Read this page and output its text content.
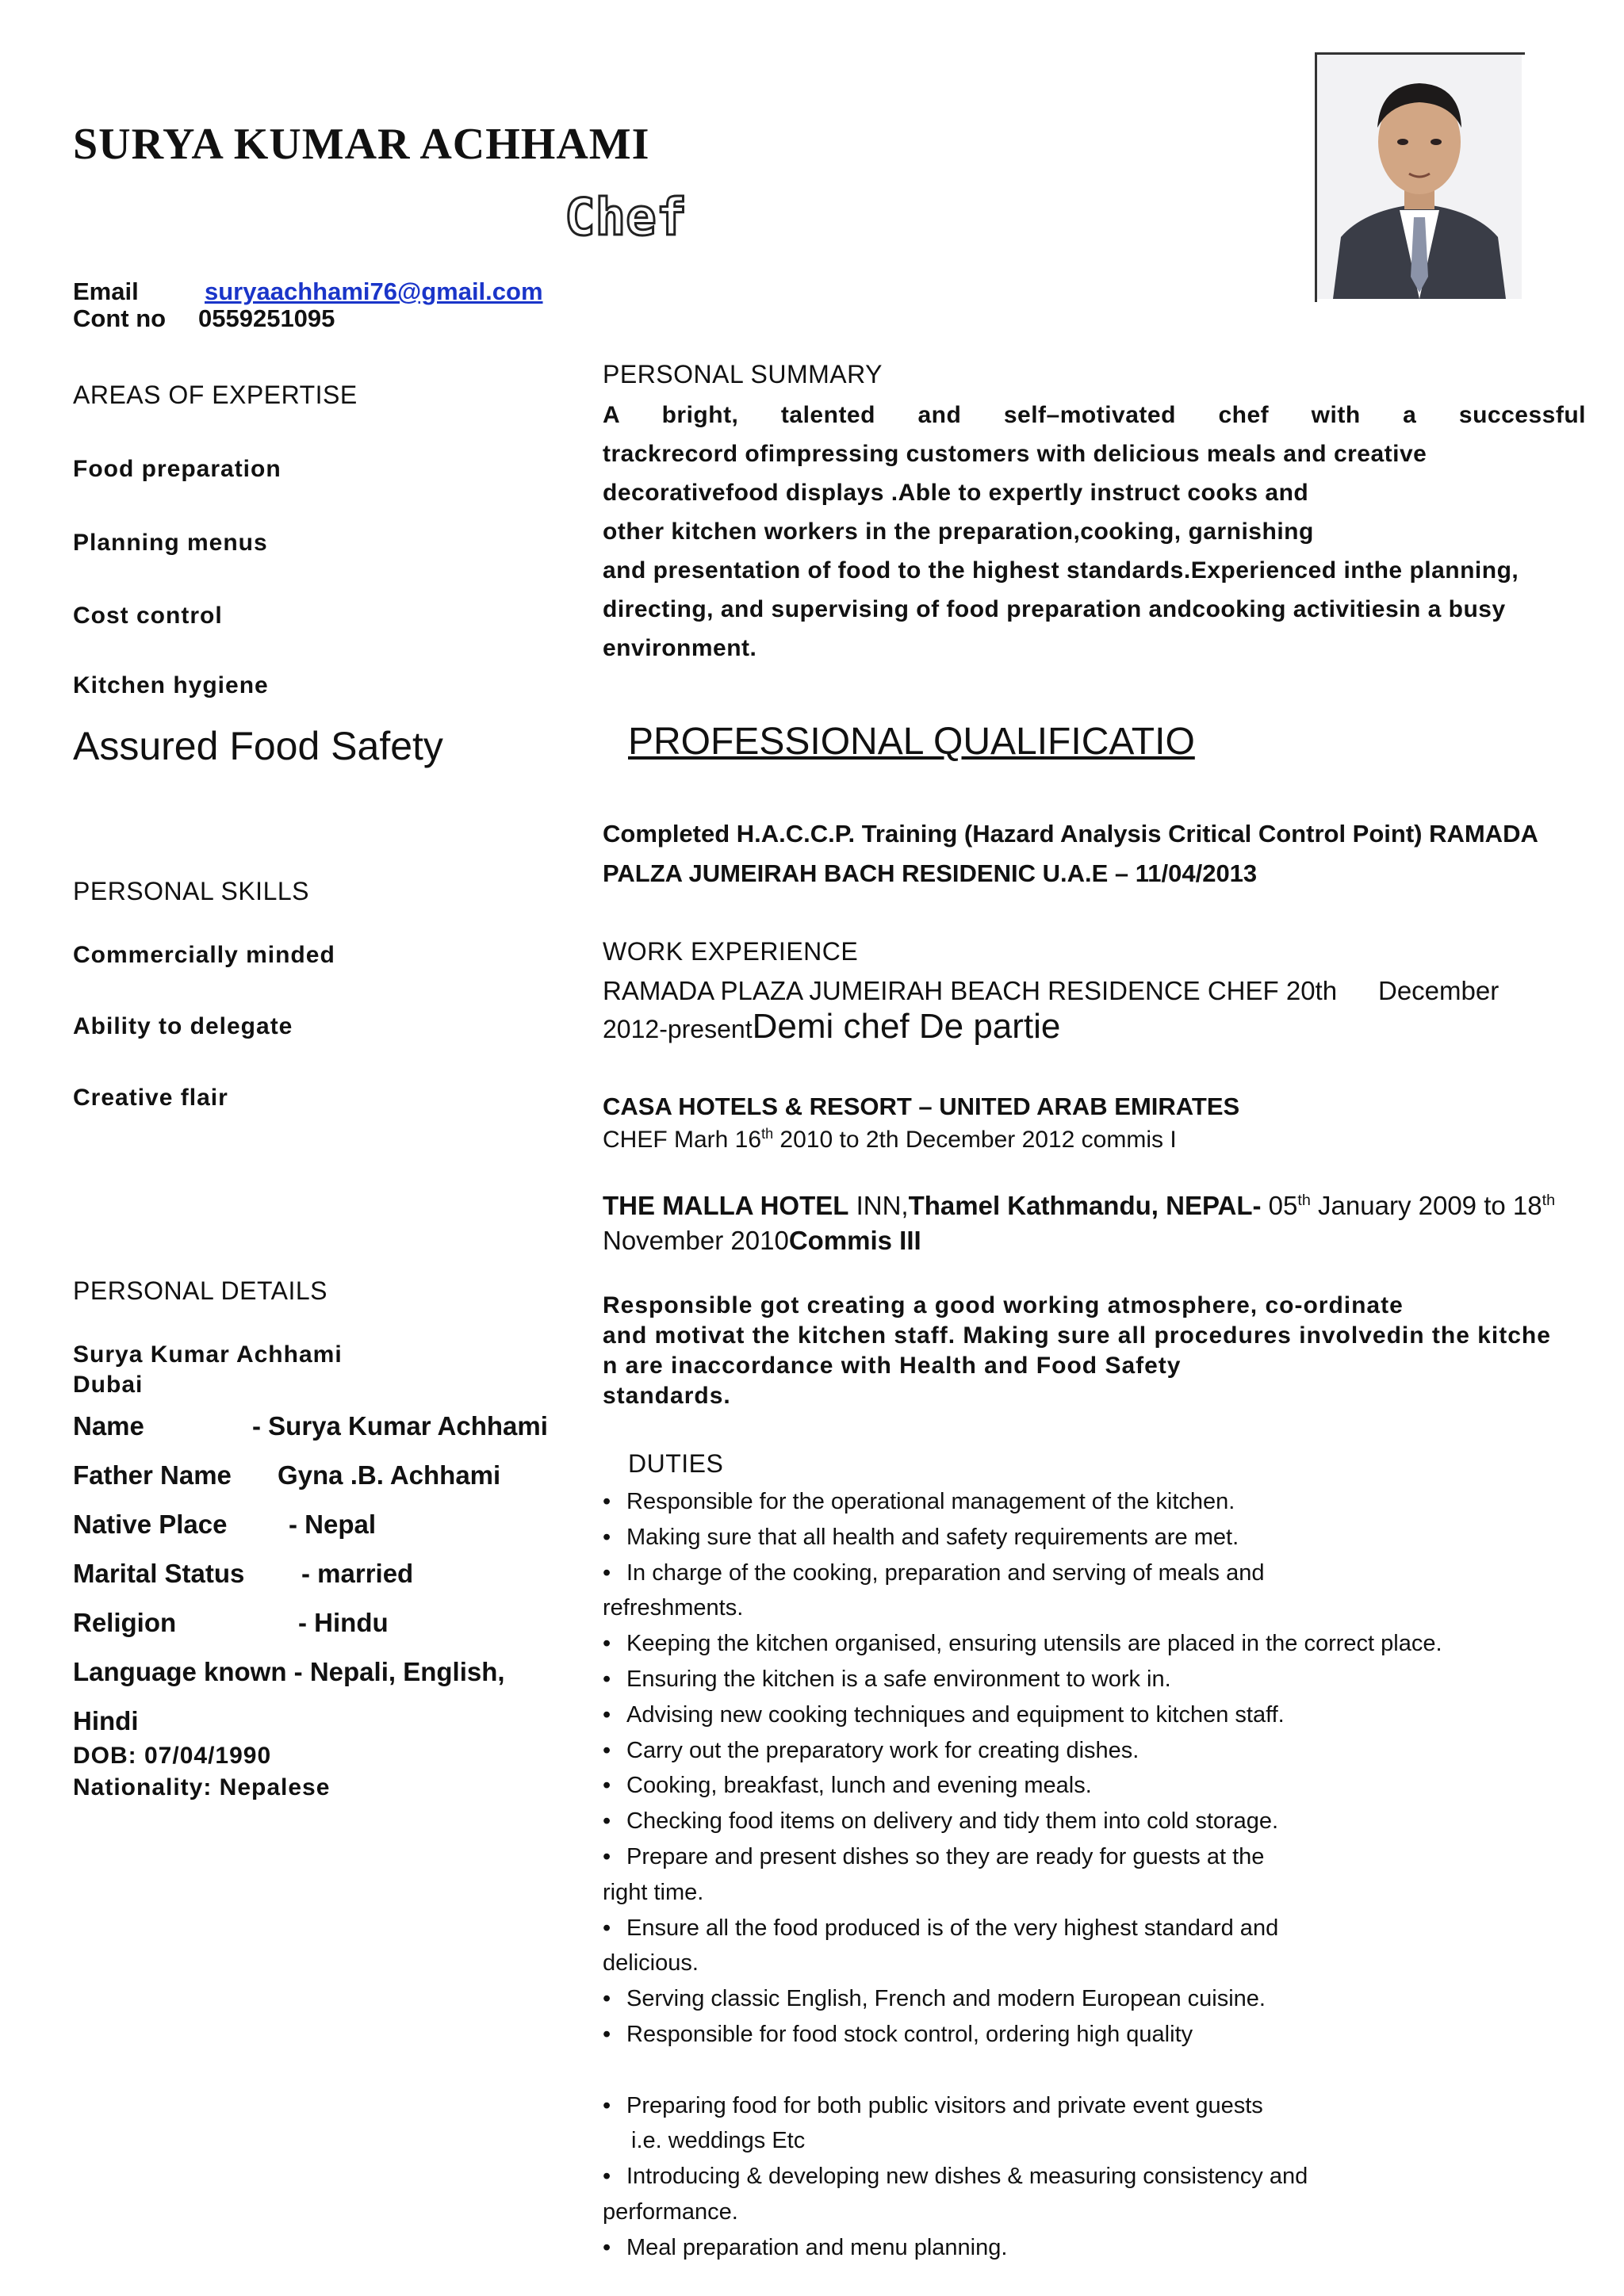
SURYA KUMAR ACHHAMI
Chef
Email	suryaachhami76@gmail.com
Cont no 0559251095
AREAS OF EXPERTISE
Food preparation
Planning menus
Cost control
Kitchen hygiene
Assured Food Safety
PERSONAL SKILLS
Commercially minded
Ability to delegate
Creative flair
PERSONAL DETAILS
Surya Kumar Achhami
Dubai
Name	- Surya Kumar Achhami
Father Name Gyna .B. Achhami
Native Place - Nepal
Marital Status - married
Religion	- Hindu
Language known - Nepali, English,
Hindi
DOB: 07/04/1990
Nationality: Nepalese
PERSONAL SUMMARY
A bright, talented and self–motivated chef with a successful
trackrecord ofimpressing customers with delicious meals and creative
decorativefood displays .Able to expertly instruct cooks and
other kitchen workers in the preparation,cooking, garnishing
and presentation of food to the highest standards.Experienced inthe planning,
directing, and supervising of food preparation andcooking activitiesin a busy
environment.
PROFESSIONAL QUALIFICATIO
Completed H.A.C.C.P. Training (Hazard Analysis Critical Control Point) RAMADA
PALZA JUMEIRAH BACH RESIDENIC U.A.E – 11/04/2013
WORK EXPERIENCE
RAMADA PLAZA JUMEIRAH BEACH RESIDENCE CHEF 20th December
2012-presentDemi chef De partie
CASA HOTELS & RESORT – UNITED ARAB EMIRATES
CHEF Marh 16th 2010 to 2th December 2012 commis I
THE MALLA HOTEL INN,Thamel Kathmandu, NEPAL- 05th January 2009 to 18th
November 2010Commis III
Responsible got creating a good working atmosphere, co-ordinate
and motivat the kitchen staff. Making sure all procedures involvedin the kitche
n are inaccordance with Health and Food Safety
standards.
DUTIES
• Responsible for the operational management of the kitchen.
• Making sure that all health and safety requirements are met.
• In charge of the cooking, preparation and serving of meals and
refreshments.
• Keeping the kitchen organised, ensuring utensils are placed in the correct place.
• Ensuring the kitchen is a safe environment to work in.
• Advising new cooking techniques and equipment to kitchen staff.
• Carry out the preparatory work for creating dishes.
• Cooking, breakfast, lunch and evening meals.
• Checking food items on delivery and tidy them into cold storage.
• Prepare and present dishes so they are ready for guests at the
right time.
• Ensure all the food produced is of the very highest standard and
delicious.
• Serving classic English, French and modern European cuisine.
• Responsible for food stock control, ordering high quality
• Preparing food for both public visitors and private event guests
i.e. weddings Etc
• Introducing & developing new dishes & measuring consistency and
performance.
• Meal preparation and menu planning.
